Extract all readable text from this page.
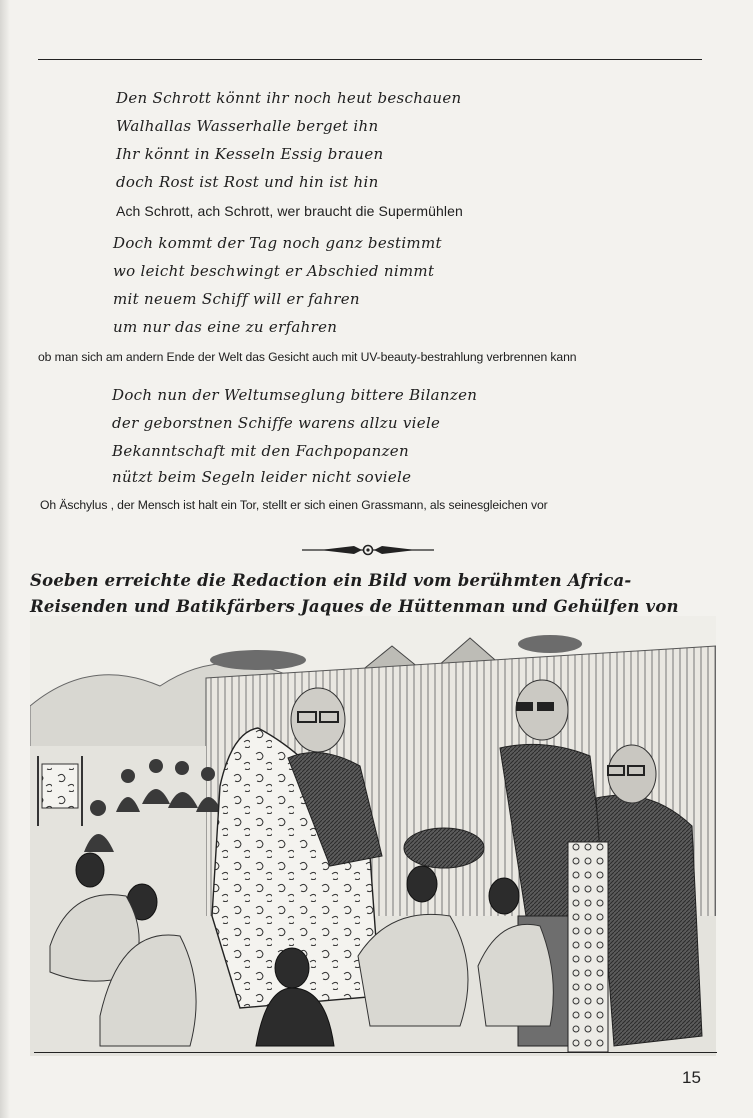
Den Schrott könnt ihr noch heut beschauen
Walhallas Wasserhalle berget ihn
Ihr könnt in Kesseln Essig brauen
doch Rost ist Rost und hin ist hin
Ach Schrott, ach Schrott, wer braucht die Supermühlen
Doch kommt der Tag noch ganz bestimmt
wo leicht beschwingt er Abschied nimmt
mit neuem Schiff will er fahren
um nur das eine zu erfahren
ob man sich am andern Ende der Welt das Gesicht auch mit UV-beauty-bestrahlung verbrennen kann
Doch nun der Weltumseglung bittere Bilanzen
der geborstnen Schiffe warens allzu viele
Bekanntschaft mit den Fachpopanzen
nützt beim Segeln leider nicht soviele
Oh Äschylus , der Mensch ist halt ein Tor, stellt er sich einen Grassmann, als seinesgleichen vor
Soeben erreichte die Redaction ein Bild vom berühmten Africa-Reisenden und Batikfärbers Jaques de Hüttenman und Gehülfen von
15
